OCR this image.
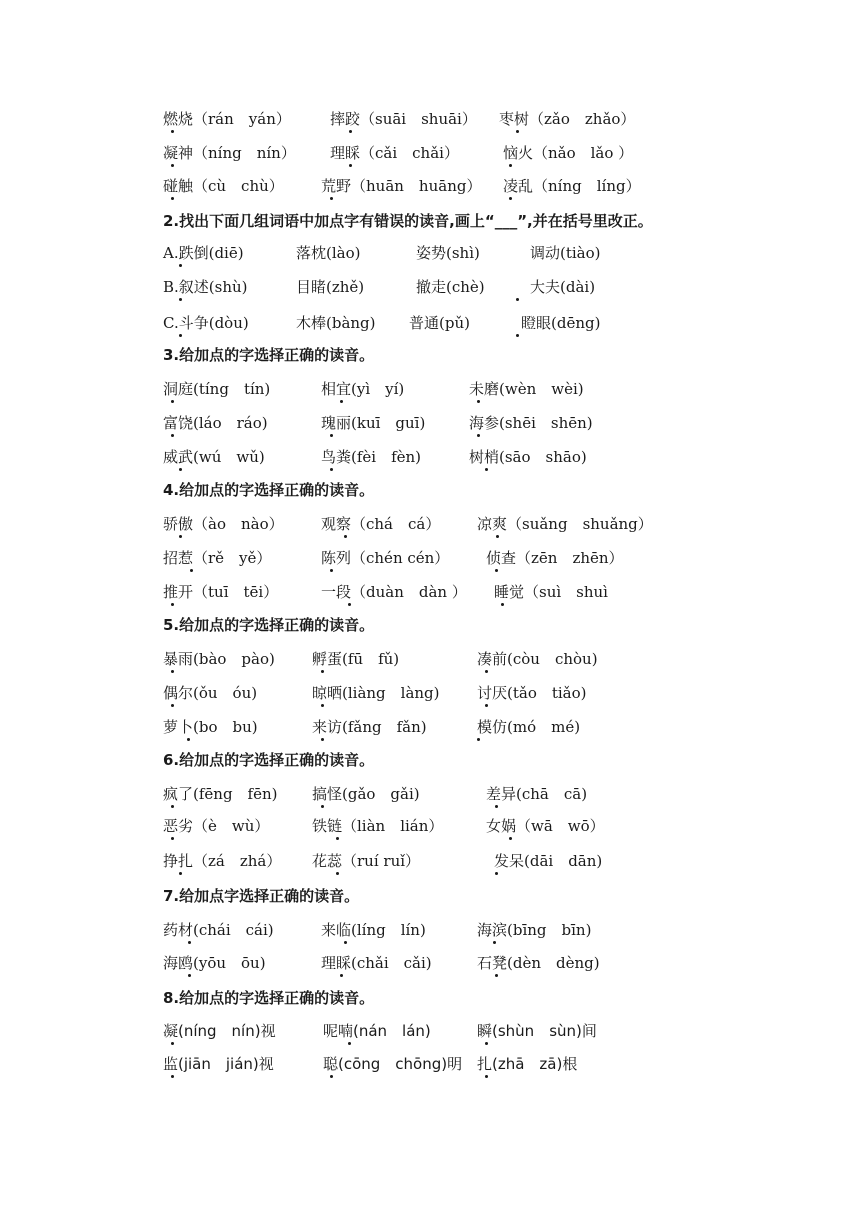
燃烧（rán　yán）	摔跤（suāi　shuāi） 枣树（zǎo　zhǎo）
凝神（níng　nín） 理睬（cǎi　chǎi）	恼火（nǎo　lǎo ）
碰触（cù　chù） 荒野（huān　huāng） 凌乱（níng　líng）
2.找出下面几组词语中加点字有错误的读音,画上“___”,并在括号里改正。
A.跌倒(diē)	落枕(lào)	姿势(shì)	调动(tiào)
B.叙述(shù)	目睹(zhě)	撤走(chè)	大夫(dài)
C.斗争(dòu)	木棒(bàng) 普通(pǔ)	瞪眼(dēng)
3.给加点的字选择正确的读音。
洞庭(tíng　tín)	相宜(yì　yí)	未磨(wèn　wèi)
富饶(láo　ráo)	瑰丽(kuī　guī)	海参(shēi　shēn)
威武(wú　wǔ)	鸟粪(fèi　fèn)	树梢(sāo　shāo)
4.给加点的字选择正确的读音。
骄傲（ào　nào） 观察（chá　cá） 凉爽（suǎng　shuǎng）
招惹（rě　yě）	陈列（chén cén） 侦查（zēn　zhēn）
推开（tuī　tēi）	一段（duàn　dàn ） 睡觉（suì　shuì
5.给加点的字选择正确的读音。
暴雨(bào　pào) 孵蛋(fū　fǔ)	凑前(còu　chòu)
偶尔(ǒu　óu)	晾晒(liàng　làng) 讨厌(tǎo　tiǎo)
萝卜(bo　bu)	来访(fǎng　fǎn)	模仿(mó　mé)
6.给加点的字选择正确的读音。
疯了(fēng　fēn) 搞怪(gǎo　gǎi)	差异(chā　cā)
恶劣（è　wù）	铁链（liàn　lián）	女娲（wā　wō）
挣扎（zá　zhá） 花蕊（ruí ruǐ）	发呆(dāi　dān)
7.给加点字选择正确的读音。
药材(chái　cái)	来临(líng　lín)	海滨(bīng　bīn)
海鸥(yōu　ōu)	理睬(chǎi　cǎi)	石凳(dèn　dèng)
8.给加点的字选择正确的读音。
凝(níng　nín)视	呢喃(nán　lán)	瞬(shùn　sùn)间
监(jiān　jián)视	聪(cōng　chōng)明 扎(zhā　zā)根
